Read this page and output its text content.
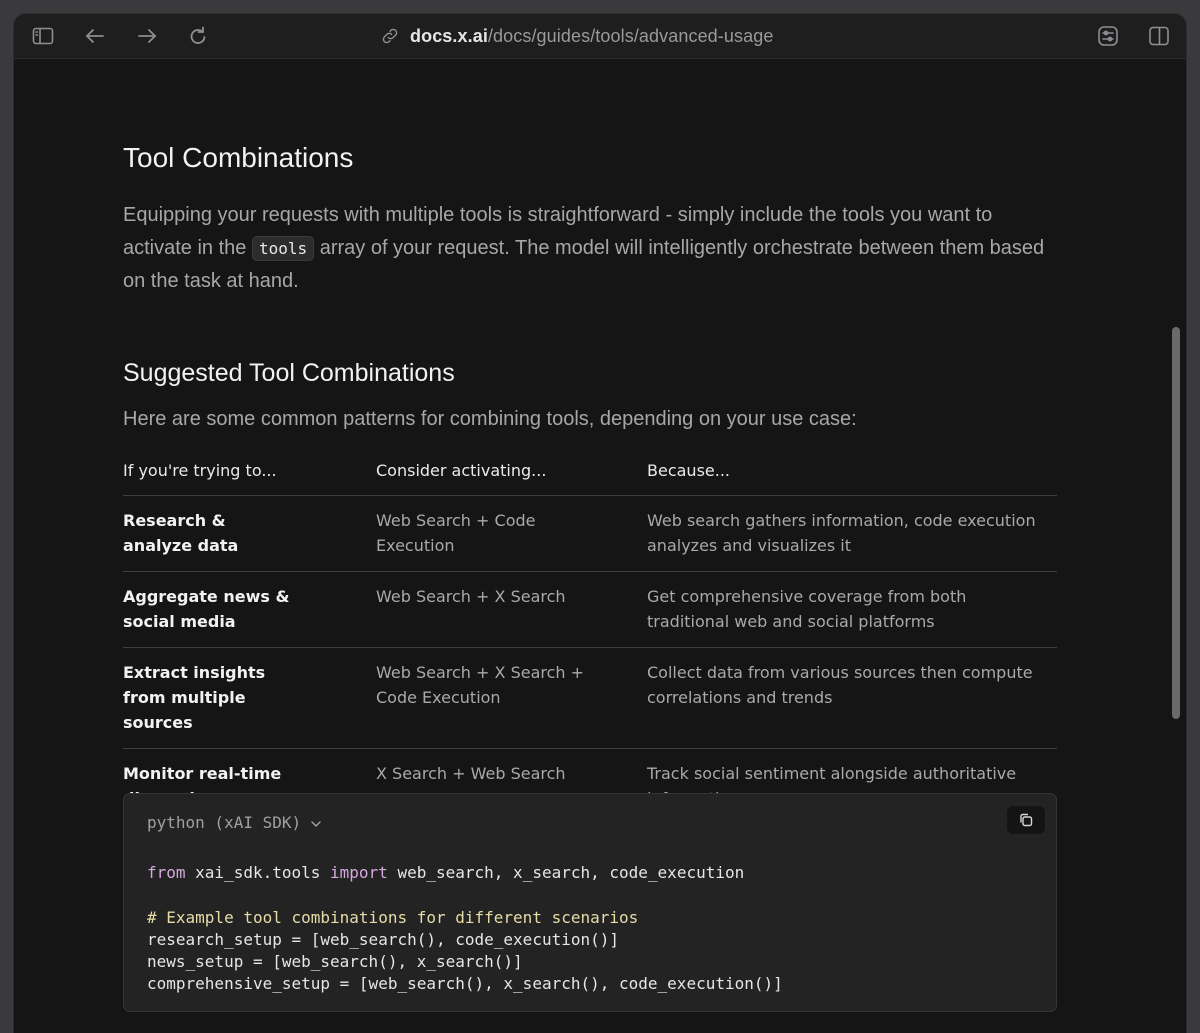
docs.x.ai /docs/guides/tools/advanced-usage
Tool Combinations

Equipping your requests with multiple tools is straightforward - simply include the tools you want to activate in the tools array of your request. The model will intelligently orchestrate between them based on the task at hand.

Suggested Tool Combinations

Here are some common patterns for combining tools, depending on your use case:

If you're trying to...	Consider activating...	Because...

Research & analyze data	Web Search + Code Execution	Web search gathers information, code execution analyzes and visualizes it

Aggregate news & social media	Web Search + X Search	Get comprehensive coverage from both traditional web and social platforms

Extract insights from multiple sources	Web Search + X Search + Code Execution	Collect data from various sources then compute correlations and trends

Monitor real-time	X Search + Web Search	Track social sentiment alongside authoritative
python (xAI SDK)
from xai_sdk.tools import web_search, x_search, code_execution

# Example tool combinations for different scenarios
research_setup = [web_search(), code_execution()]
news_setup = [web_search(), x_search()]
comprehensive_setup = [web_search(), x_search(), code_execution()]
